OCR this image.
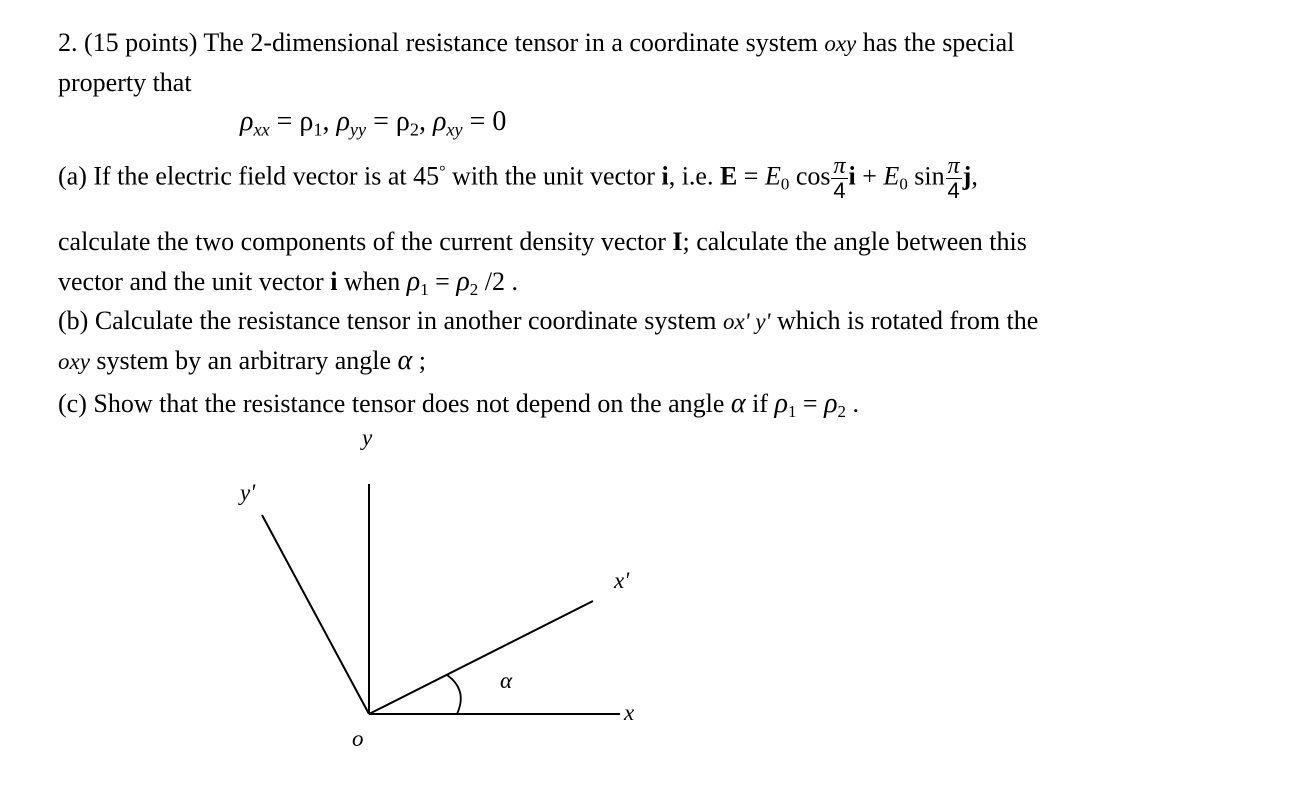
2. (15 points) The 2-dimensional resistance tensor in a coordinate system oxy has the special
property that
$\rho_{xx} = \rho_1$, $\rho_{yy} = \rho_2$, $\rho_{xy} = 0$
(a) If the electric field vector is at 45° with the unit vector i, i.e. $E = E_0$ $\cos \frac{\pi}{4}$ $i + E_0$ $\sin \frac{\pi}{4} j$,
calculate the two components of the current density vector I; calculate the angle between this
vector and the unit vector i when $\rho_1 = \rho_2$ /2 .
(b) Calculate the resistance tensor in another coordinate system ox' y' which is rotated from the
oxy system by an arbitrary angle α ;
(c) Show that the resistance tensor does not depend on the angle α if $\rho_1 = \rho_2$ .
y
y'
x'
α
x
o
